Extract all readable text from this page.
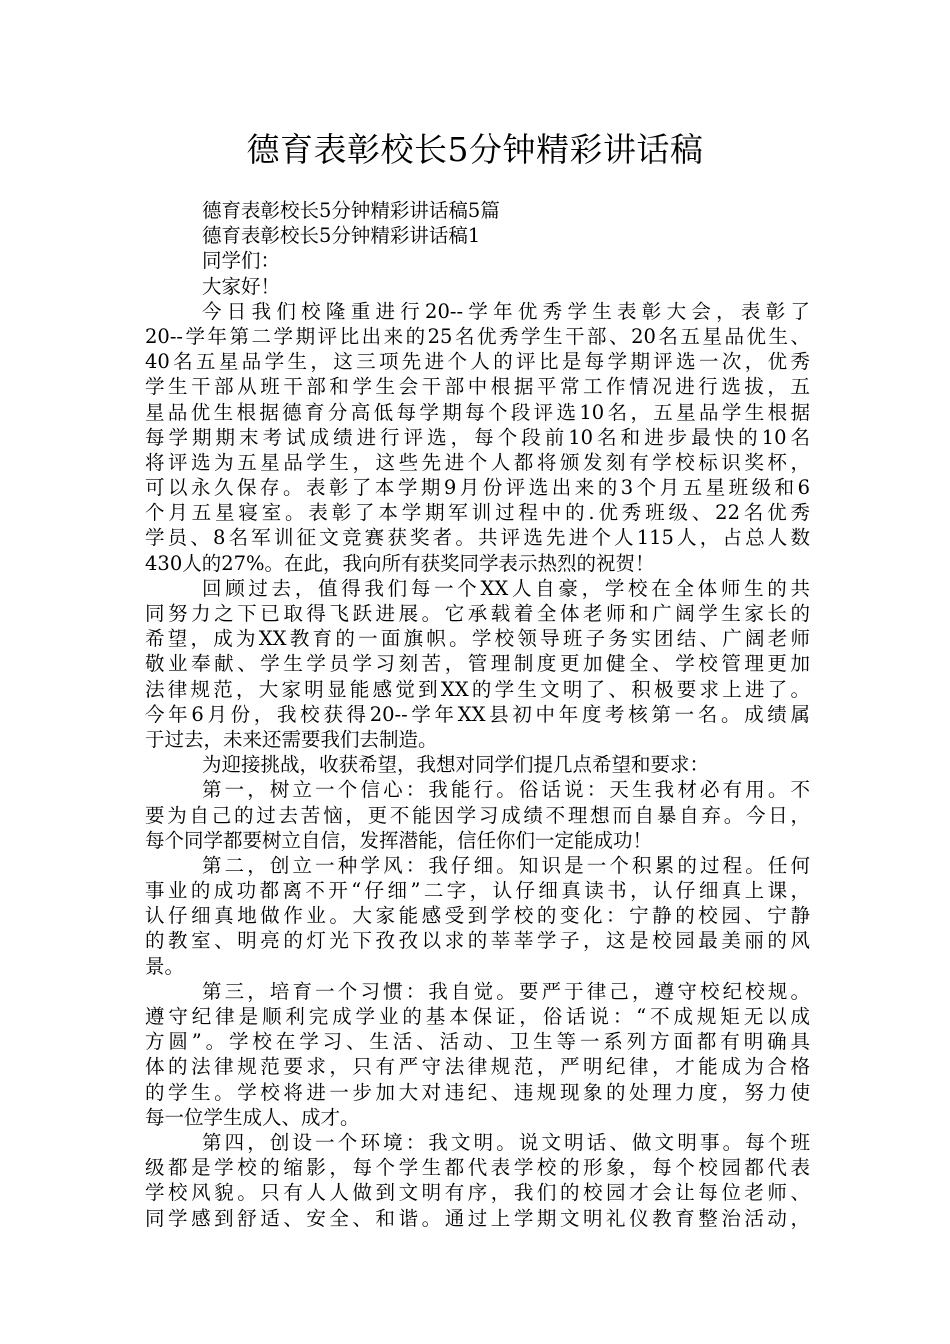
德育表彰校长5分钟精彩讲话稿
德育表彰校长5分钟精彩讲话稿5篇
德育表彰校长5分钟精彩讲话稿1
同学们：
大家好！
今日我们校隆重进行20--学年优秀学生表彰大会，表彰了
20--学年第二学期评比出来的25名优秀学生干部、20名五星品优生、
40名五星品学生，这三项先进个人的评比是每学期评选一次，优秀
学生干部从班干部和学生会干部中根据平常工作情况进行选拔，五
星品优生根据德育分高低每学期每个段评选10名，五星品学生根据
每学期期末考试成绩进行评选，每个段前10名和进步最快的10名
将评选为五星品学生，这些先进个人都将颁发刻有学校标识奖杯，
可以永久保存。表彰了本学期9月份评选出来的3个月五星班级和6
个月五星寝室。表彰了本学期军训过程中的.优秀班级、22名优秀
学员、8名军训征文竞赛获奖者。共评选先进个人115人，占总人数
430人的27%。在此，我向所有获奖同学表示热烈的祝贺！
回顾过去，值得我们每一个XX人自豪，学校在全体师生的共
同努力之下已取得飞跃进展。它承载着全体老师和广阔学生家长的
希望，成为XX教育的一面旗帜。学校领导班子务实团结、广阔老师
敬业奉献、学生学员学习刻苦，管理制度更加健全、学校管理更加
法律规范，大家明显能感觉到XX的学生文明了、积极要求上进了。
今年6月份，我校获得20--学年XX县初中年度考核第一名。成绩属
于过去，未来还需要我们去制造。
为迎接挑战，收获希望，我想对同学们提几点希望和要求：
第一，树立一个信心：我能行。俗话说：天生我材必有用。不
要为自己的过去苦恼，更不能因学习成绩不理想而自暴自弃。今日，
每个同学都要树立自信，发挥潜能，信任你们一定能成功！
第二，创立一种学风：我仔细。知识是一个积累的过程。任何
事业的成功都离不开“仔细”二字，认仔细真读书，认仔细真上课，
认仔细真地做作业。大家能感受到学校的变化：宁静的校园、宁静
的教室、明亮的灯光下孜孜以求的莘莘学子，这是校园最美丽的风
景。
第三，培育一个习惯：我自觉。要严于律己，遵守校纪校规。
遵守纪律是顺利完成学业的基本保证，俗话说：“不成规矩无以成
方圆”。学校在学习、生活、活动、卫生等一系列方面都有明确具
体的法律规范要求，只有严守法律规范，严明纪律，才能成为合格
的学生。学校将进一步加大对违纪、违规现象的处理力度，努力使
每一位学生成人、成才。
第四，创设一个环境：我文明。说文明话、做文明事。每个班
级都是学校的缩影，每个学生都代表学校的形象，每个校园都代表
学校风貌。只有人人做到文明有序，我们的校园才会让每位老师、
同学感到舒适、安全、和谐。通过上学期文明礼仪教育整治活动，
